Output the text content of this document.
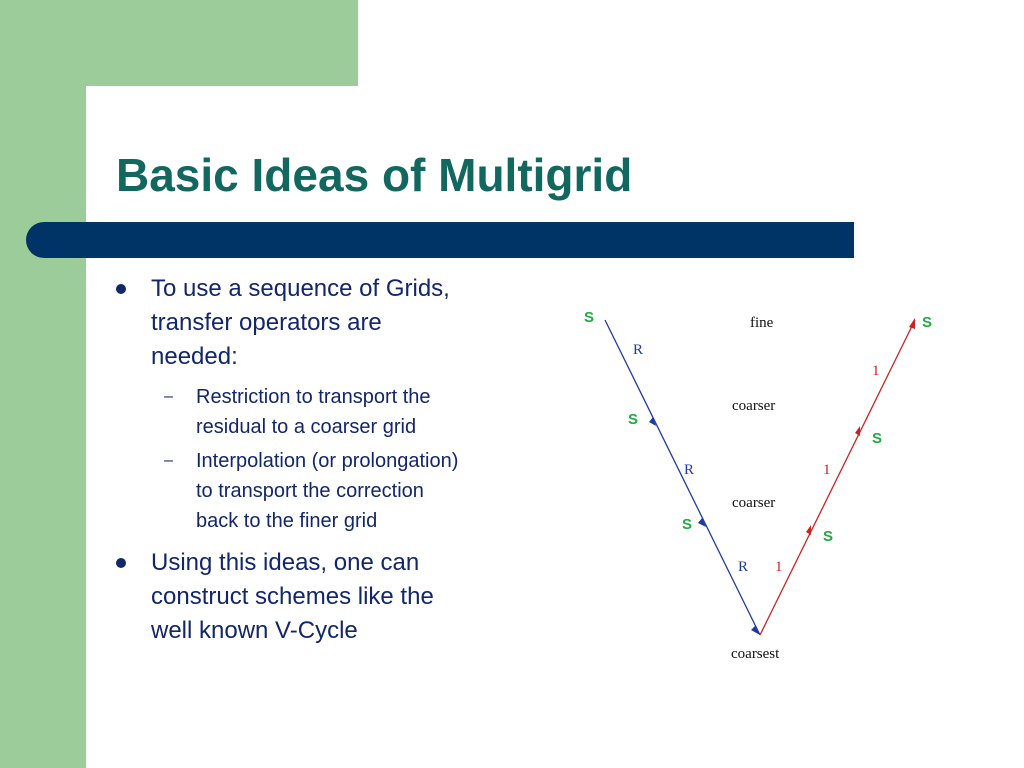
Basic Ideas of Multigrid
To use a sequence of Grids,
transfer operators are
needed:
– Restriction to transport the
residual to a coarser grid
– Interpolation (or prolongation)
to transport the correction
back to the finer grid
Using this ideas, one can
construct schemes like the
well known V-Cycle
fine
coarser
coarser
coarsest
S
S
S
S
S
S
R
R
R 1
1
1
